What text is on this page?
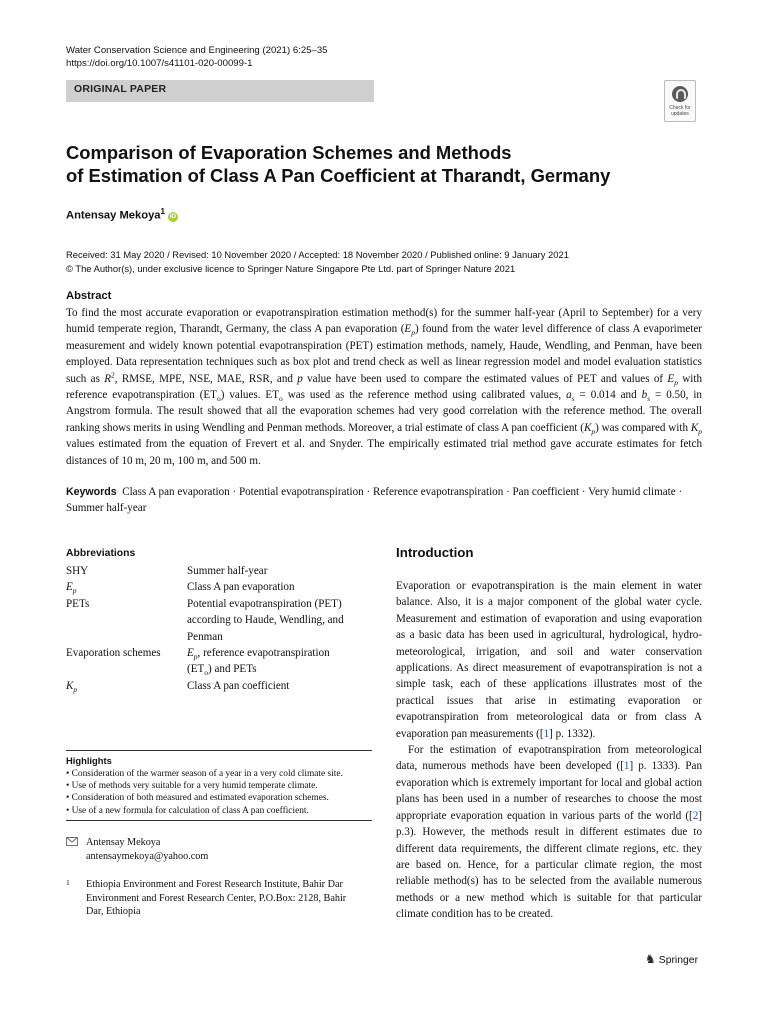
Water Conservation Science and Engineering (2021) 6:25–35
https://doi.org/10.1007/s41101-020-00099-1
ORIGINAL PAPER
Check for updates
Comparison of Evaporation Schemes and Methods
of Estimation of Class A Pan Coefficient at Tharandt, Germany
Antensay Mekoya$^1$iD
Received: 31 May 2020 / Revised: 10 November 2020 / Accepted: 18 November 2020 / Published online: 9 January 2021
© The Author(s), under exclusive licence to Springer Nature Singapore Pte Ltd. part of Springer Nature 2021
Abstract
To find the most accurate evaporation or evapotranspiration estimation method(s) for the summer half-year (April to September) for a very humid temperate region, Tharandt, Germany, the class A pan evaporation $(E_p)$ found from the water level difference of class A evaporimeter measurement and widely known potential evapotranspiration (PET) estimation methods, namely, Haude, Wendling, and Penman, have been employed. Data representation techniques such as box plot and trend check as well as linear regression model and model evaluation statistics such as $R^2$, RMSE, MPE, NSE, MAE, RSR, and p value have been used to compare the estimated values of PET and values of $E_p$ with reference evapotranspiration $(ET_o)$ values. $ET_o$ was used as the reference method using calibrated values, $a_s = 0.014$ and $b_s = 0.50$, in Angstrom formula. The result showed that all the evaporation schemes had very good correlation with the reference method. The overall ranking shows merits in using Wendling and Penman methods. Moreover, a trial estimate of class A pan coefficient $(K_p)$ was compared with $K_p$ values estimated from the equation of Frevert et al. and Snyder. The empirically estimated trial method gave accurate estimates for fetch distances of 10 m, 20 m, 100 m, and 500 m.
Keywords Class A pan evaporation · Potential evapotranspiration · Reference evapotranspiration · Pan coefficient · Very humid climate · Summer half-year
Abbreviations
SHY	Summer half-year
$E_p$	Class A pan evaporation
PETs	Potential evapotranspiration (PET) according to Haude, Wendling, and Penman
Evaporation schemes	$E_p$, reference evapotranspiration $(ET_o)$ and PETs
$K_p$	Class A pan coefficient
Highlights
• Consideration of the warmer season of a year in a very cold climate site.
• Use of methods very suitable for a very humid temperate climate.
• Consideration of both measured and estimated evaporation schemes.
• Use of a new formula for calculation of class A pan coefficient.
Antensay Mekoya
antensaymekoya@yahoo.com
1 Ethiopia Environment and Forest Research Institute, Bahir Dar Environment and Forest Research Center, P.O.Box: 2128, Bahir Dar, Ethiopia
Introduction

Evaporation or evapotranspiration is the main element in water balance. Also, it is a major component of the global water cycle. Measurement and estimation of evaporation and using evaporation as a basic data has been used in agricultural, hydrological, hydro-meteorological, irrigation, and soil and water conservation applications. As direct measurement of evapotranspiration is not a simple task, each of these applications illustrates most of the practical issues that arise in estimating evaporation or evapotranspiration from meteorological data or from class A evaporation pan measurements ([1] p. 1332).

For the estimation of evapotranspiration from meteorological data, numerous methods have been developed ([1] p. 1333). Pan evaporation which is extremely important for local and global action plans has been used in a number of researches to choose the most appropriate evaporation equation in various parts of the world ([2] p.3). However, the methods result in different estimates due to different data requirements, the different climate regions, etc. they are based on. Hence, for a particular climate region, the most reliable method(s) has to be selected from the available numerous methods or a new method which is suitable for that particular climate condition has to be created.

♞ Springer
